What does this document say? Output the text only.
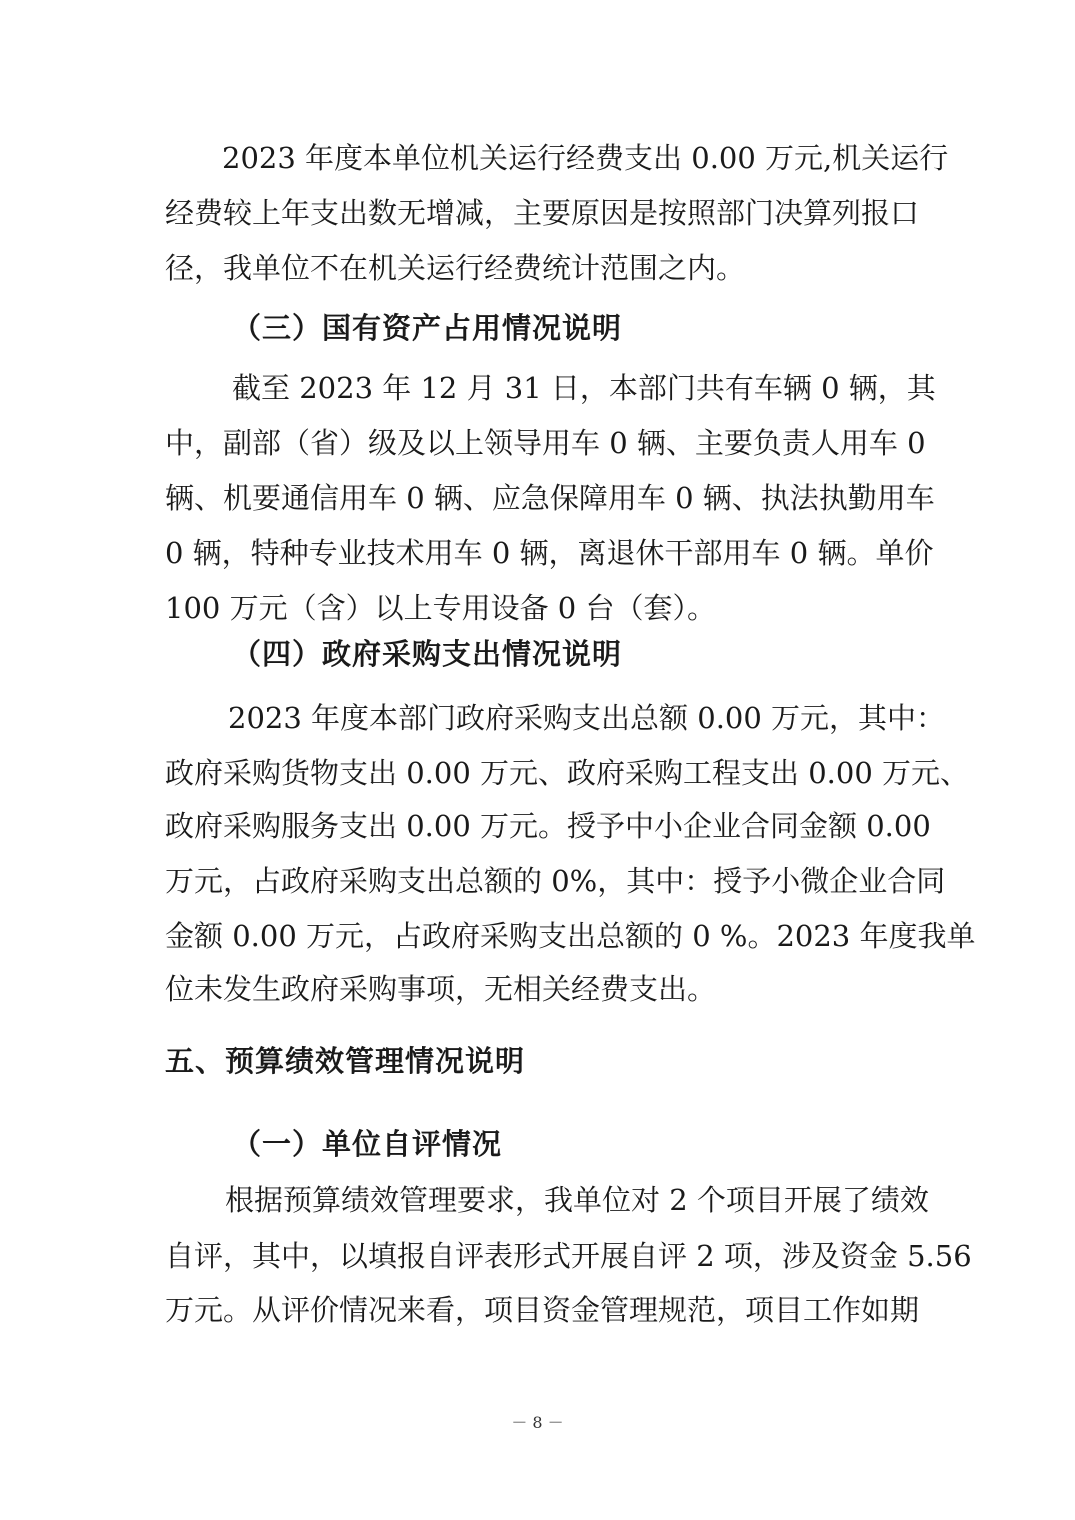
2023 年度本单位机关运行经费支出 0.00 万元,机关运行
经费较上年支出数无增减，主要原因是按照部门决算列报口
径，我单位不在机关运行经费统计范围之内。
（三）国有资产占用情况说明
截至 2023 年 12 月 31 日，本部门共有车辆 0 辆，其
中，副部（省）级及以上领导用车 0 辆、主要负责人用车 0
辆、机要通信用车 0 辆、应急保障用车 0 辆、执法执勤用车
0 辆，特种专业技术用车 0 辆，离退休干部用车 0 辆。单价
100 万元（含）以上专用设备 0 台（套）。
（四）政府采购支出情况说明
2023 年度本部门政府采购支出总额 0.00 万元，其中：
政府采购货物支出 0.00 万元、政府采购工程支出 0.00 万元、
政府采购服务支出 0.00 万元。授予中小企业合同金额 0.00
万元，占政府采购支出总额的 0%，其中：授予小微企业合同
金额 0.00 万元，占政府采购支出总额的 0 %。2023 年度我单
位未发生政府采购事项，无相关经费支出。
五、预算绩效管理情况说明
（一）单位自评情况
根据预算绩效管理要求，我单位对 2 个项目开展了绩效
自评，其中，以填报自评表形式开展自评 2 项，涉及资金 5.56
万元。从评价情况来看，项目资金管理规范，项目工作如期
－ 8 －
